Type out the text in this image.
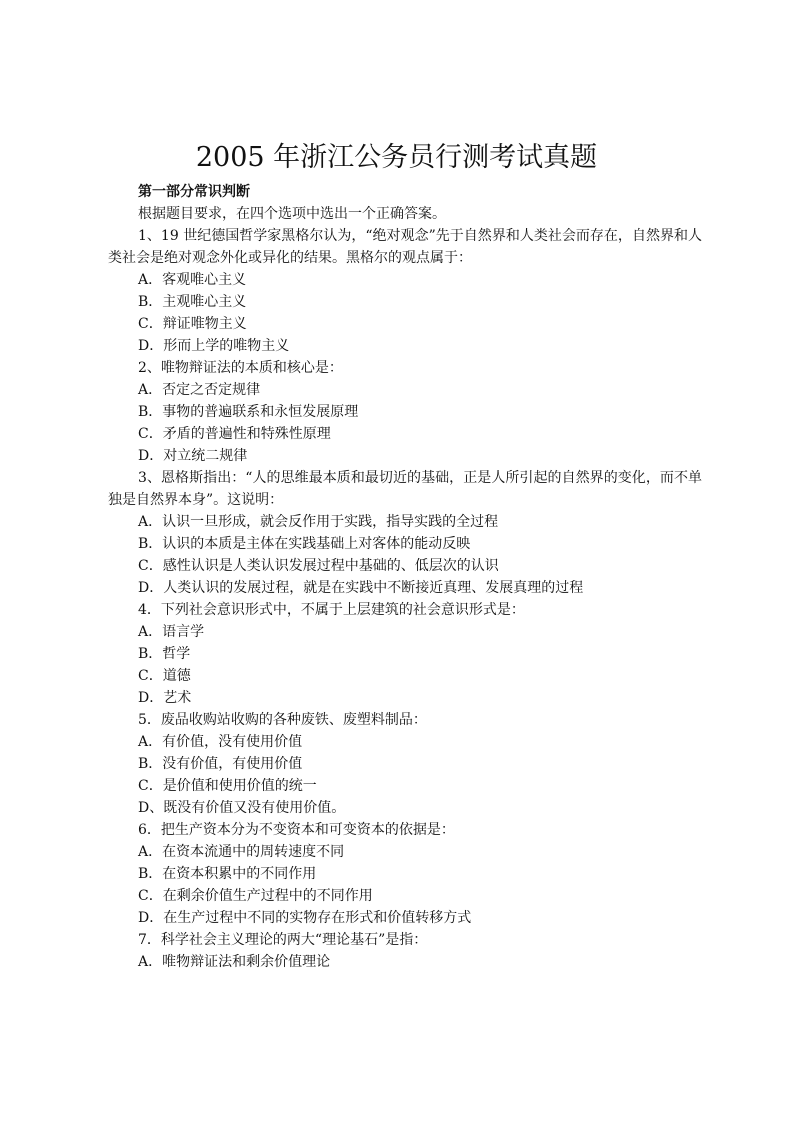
2005 年浙江公务员行测考试真题

第一部分常识判断

根据题目要求，在四个选项中选出一个正确答案。

1、19 世纪德国哲学家黑格尔认为，“绝对观念”先于自然界和人类社会而存在，自然界和人类社会是绝对观念外化或异化的结果。黑格尔的观点属于：

A．客观唯心主义

B．主观唯心主义

C．辩证唯物主义

D．形而上学的唯物主义

2、唯物辩证法的本质和核心是：

A．否定之否定规律

B．事物的普遍联系和永恒发展原理

C．矛盾的普遍性和特殊性原理

D．对立统二规律

3、恩格斯指出：“人的思维最本质和最切近的基础，正是人所引起的自然界的变化，而不单独是自然界本身”。这说明：

A．认识一旦形成，就会反作用于实践，指导实践的全过程

B．认识的本质是主体在实践基础上对客体的能动反映

C．感性认识是人类认识发展过程中基础的、低层次的认识

D．人类认识的发展过程，就是在实践中不断接近真理、发展真理的过程

4．下列社会意识形式中，不属于上层建筑的社会意识形式是：

A．语言学

B．哲学

C．道德

D．艺术

5．废品收购站收购的各种废铁、废塑料制品：

A．有价值，没有使用价值

B．没有价值，有使用价值

C．是价值和使用价值的统一

D、既没有价值又没有使用价值。

6．把生产资本分为不变资本和可变资本的依据是：

A．在资本流通中的周转速度不同

B．在资本积累中的不同作用

C．在剩余价值生产过程中的不同作用

D．在生产过程中不同的实物存在形式和价值转移方式

7．科学社会主义理论的两大“理论基石”是指：

A．唯物辩证法和剩余价值理论
